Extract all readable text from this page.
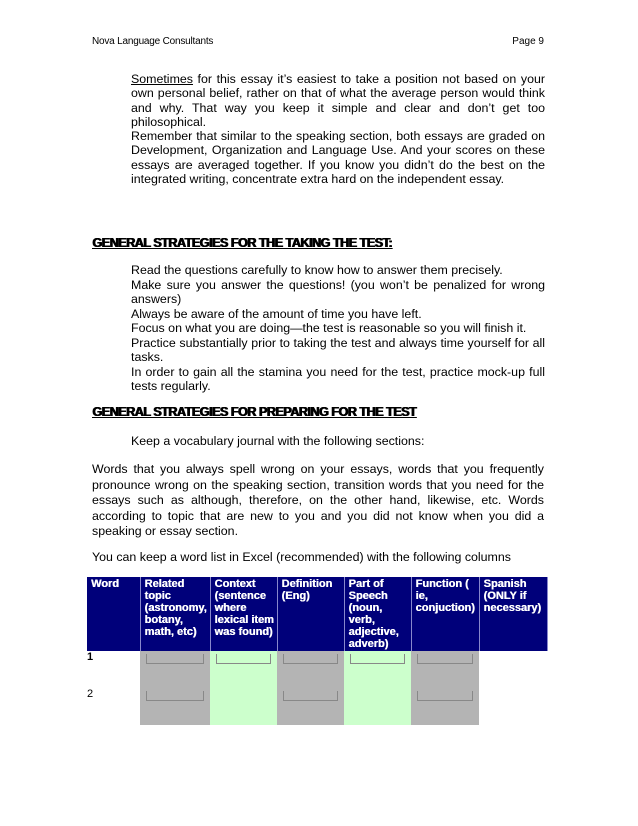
Nova Language Consultants	Page 9

Sometimes for this essay it’s easiest to take a position not based on your own personal belief, rather on that of what the average person would think and why. That way you keep it simple and clear and don’t get too philosophical.

Remember that similar to the speaking section, both essays are graded on Development, Organization and Language Use. And your scores on these essays are averaged together. If you know you didn’t do the best on the integrated writing, concentrate extra hard on the independent essay.

GENERAL STRATEGIES FOR THE TAKING THE TEST:
Read the questions carefully to know how to answer them precisely.
Make sure you answer the questions! (you won’t be penalized for wrong answers)
Always be aware of the amount of time you have left.
Focus on what you are doing—the test is reasonable so you will finish it.
Practice substantially prior to taking the test and always time yourself for all tasks.
In order to gain all the stamina you need for the test, practice mock-up full tests regularly.
GENERAL STRATEGIES FOR PREPARING FOR THE TEST
Keep a vocabulary journal with the following sections:

Words that you always spell wrong on your essays, words that you frequently pronounce wrong on the speaking section, transition words that you need for the essays such as although, therefore, on the other hand, likewise, etc. Words according to topic that are new to you and you did not know when you did a speaking or essay section.

You can keep a word list in Excel (recommended) with the following columns
Word	Related topic (astronomy, botany, math, etc)	Context (sentence where lexical item was found)	Definition (Eng)	Part of Speech (noun, verb, adjective, adverb)	Function ( ie, conjuction)	Spanish (ONLY if necessary)
1	

2	
